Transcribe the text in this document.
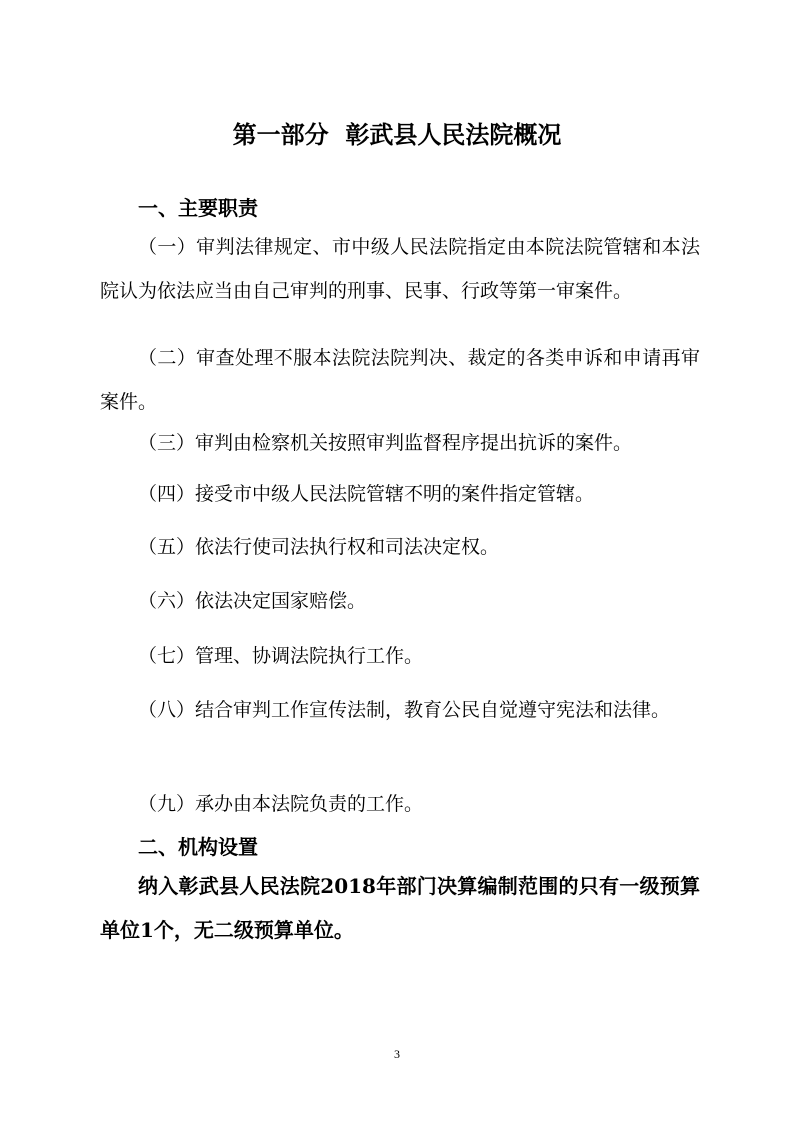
第一部分  彰武县人民法院概况
一、主要职责

（一）审判法律规定、市中级人民法院指定由本院法院管辖和本法院认为依法应当由自己审判的刑事、民事、行政等第一审案件。

（二）审查处理不服本法院法院判决、裁定的各类申诉和申请再审案件。

（三）审判由检察机关按照审判监督程序提出抗诉的案件。

（四）接受市中级人民法院管辖不明的案件指定管辖。

（五）依法行使司法执行权和司法决定权。

（六）依法决定国家赔偿。

（七）管理、协调法院执行工作。

（八）结合审判工作宣传法制，教育公民自觉遵守宪法和法律。

（九）承办由本法院负责的工作。

二、机构设置

纳入彰武县人民法院2018年部门决算编制范围的只有一级预算单位1个，无二级预算单位。

3
